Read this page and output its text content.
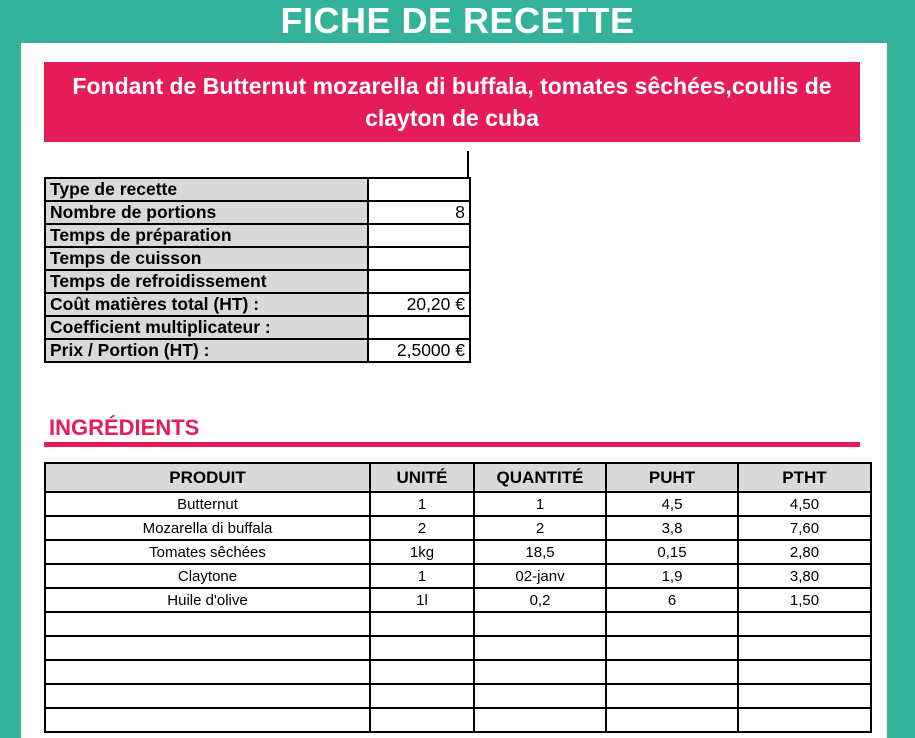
FICHE DE RECETTE
Fondant de Butternut mozarella di buffala, tomates sêchées,coulis de clayton de cuba
Type de recette	
Nombre de portions	8
Temps de préparation	
Temps de cuisson	
Temps de refroidissement	
Coût matières total (HT) :	20,20 €
Coefficient multiplicateur :	
Prix / Portion (HT) :	2,5000 €
INGRÉDIENTS
PRODUIT	UNITÉ	QUANTITÉ	PUHT	PTHT
Butternut	1	1	4,5	4,50
Mozarella di buffala	2	2	3,8	7,60
Tomates sêchées	1kg	18,5	0,15	2,80
Claytone	1	02-janv	1,9	3,80
Huile d'olive	1l	0,2	6	1,50
